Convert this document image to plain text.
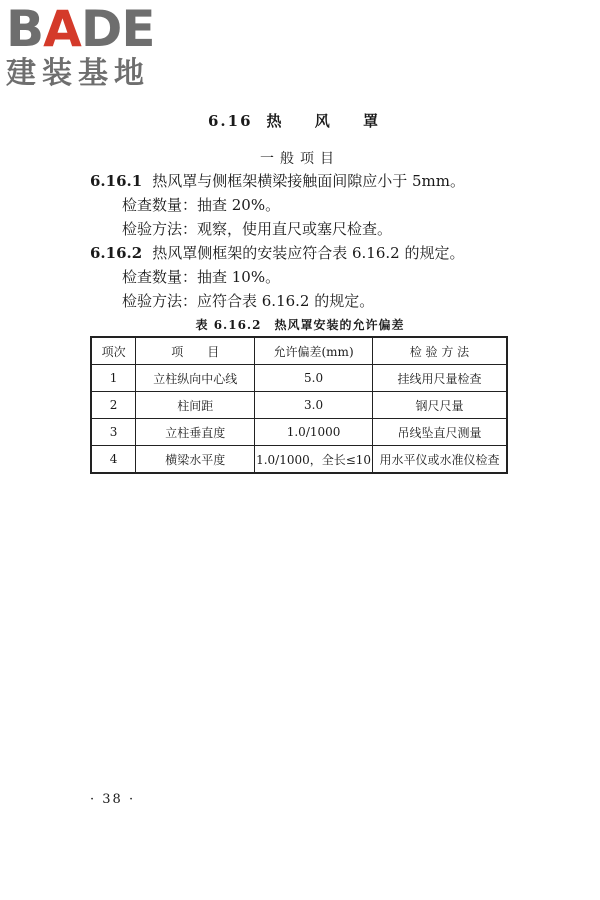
BADE
建装基地
6.16 热 风 罩
一般项目
6.16.1 热风罩与侧框架横梁接触面间隙应小于 5mm。
检查数量：抽查 20%。
检验方法：观察，使用直尺或塞尺检查。
6.16.2 热风罩侧框架的安装应符合表 6.16.2 的规定。
检查数量：抽查 10%。
检验方法：应符合表 6.16.2 的规定。
表 6.16.2　热风罩安装的允许偏差
项次	项　　目	允许偏差(mm)	检 验 方 法
1	立柱纵向中心线	5.0	挂线用尺量检查
2	柱间距	3.0	钢尺尺量
3	立柱垂直度	1.0/1000	吊线坠直尺测量
4	横梁水平度	1.0/1000，全长≤10	用水平仪或水准仪检查
· 38 ·
